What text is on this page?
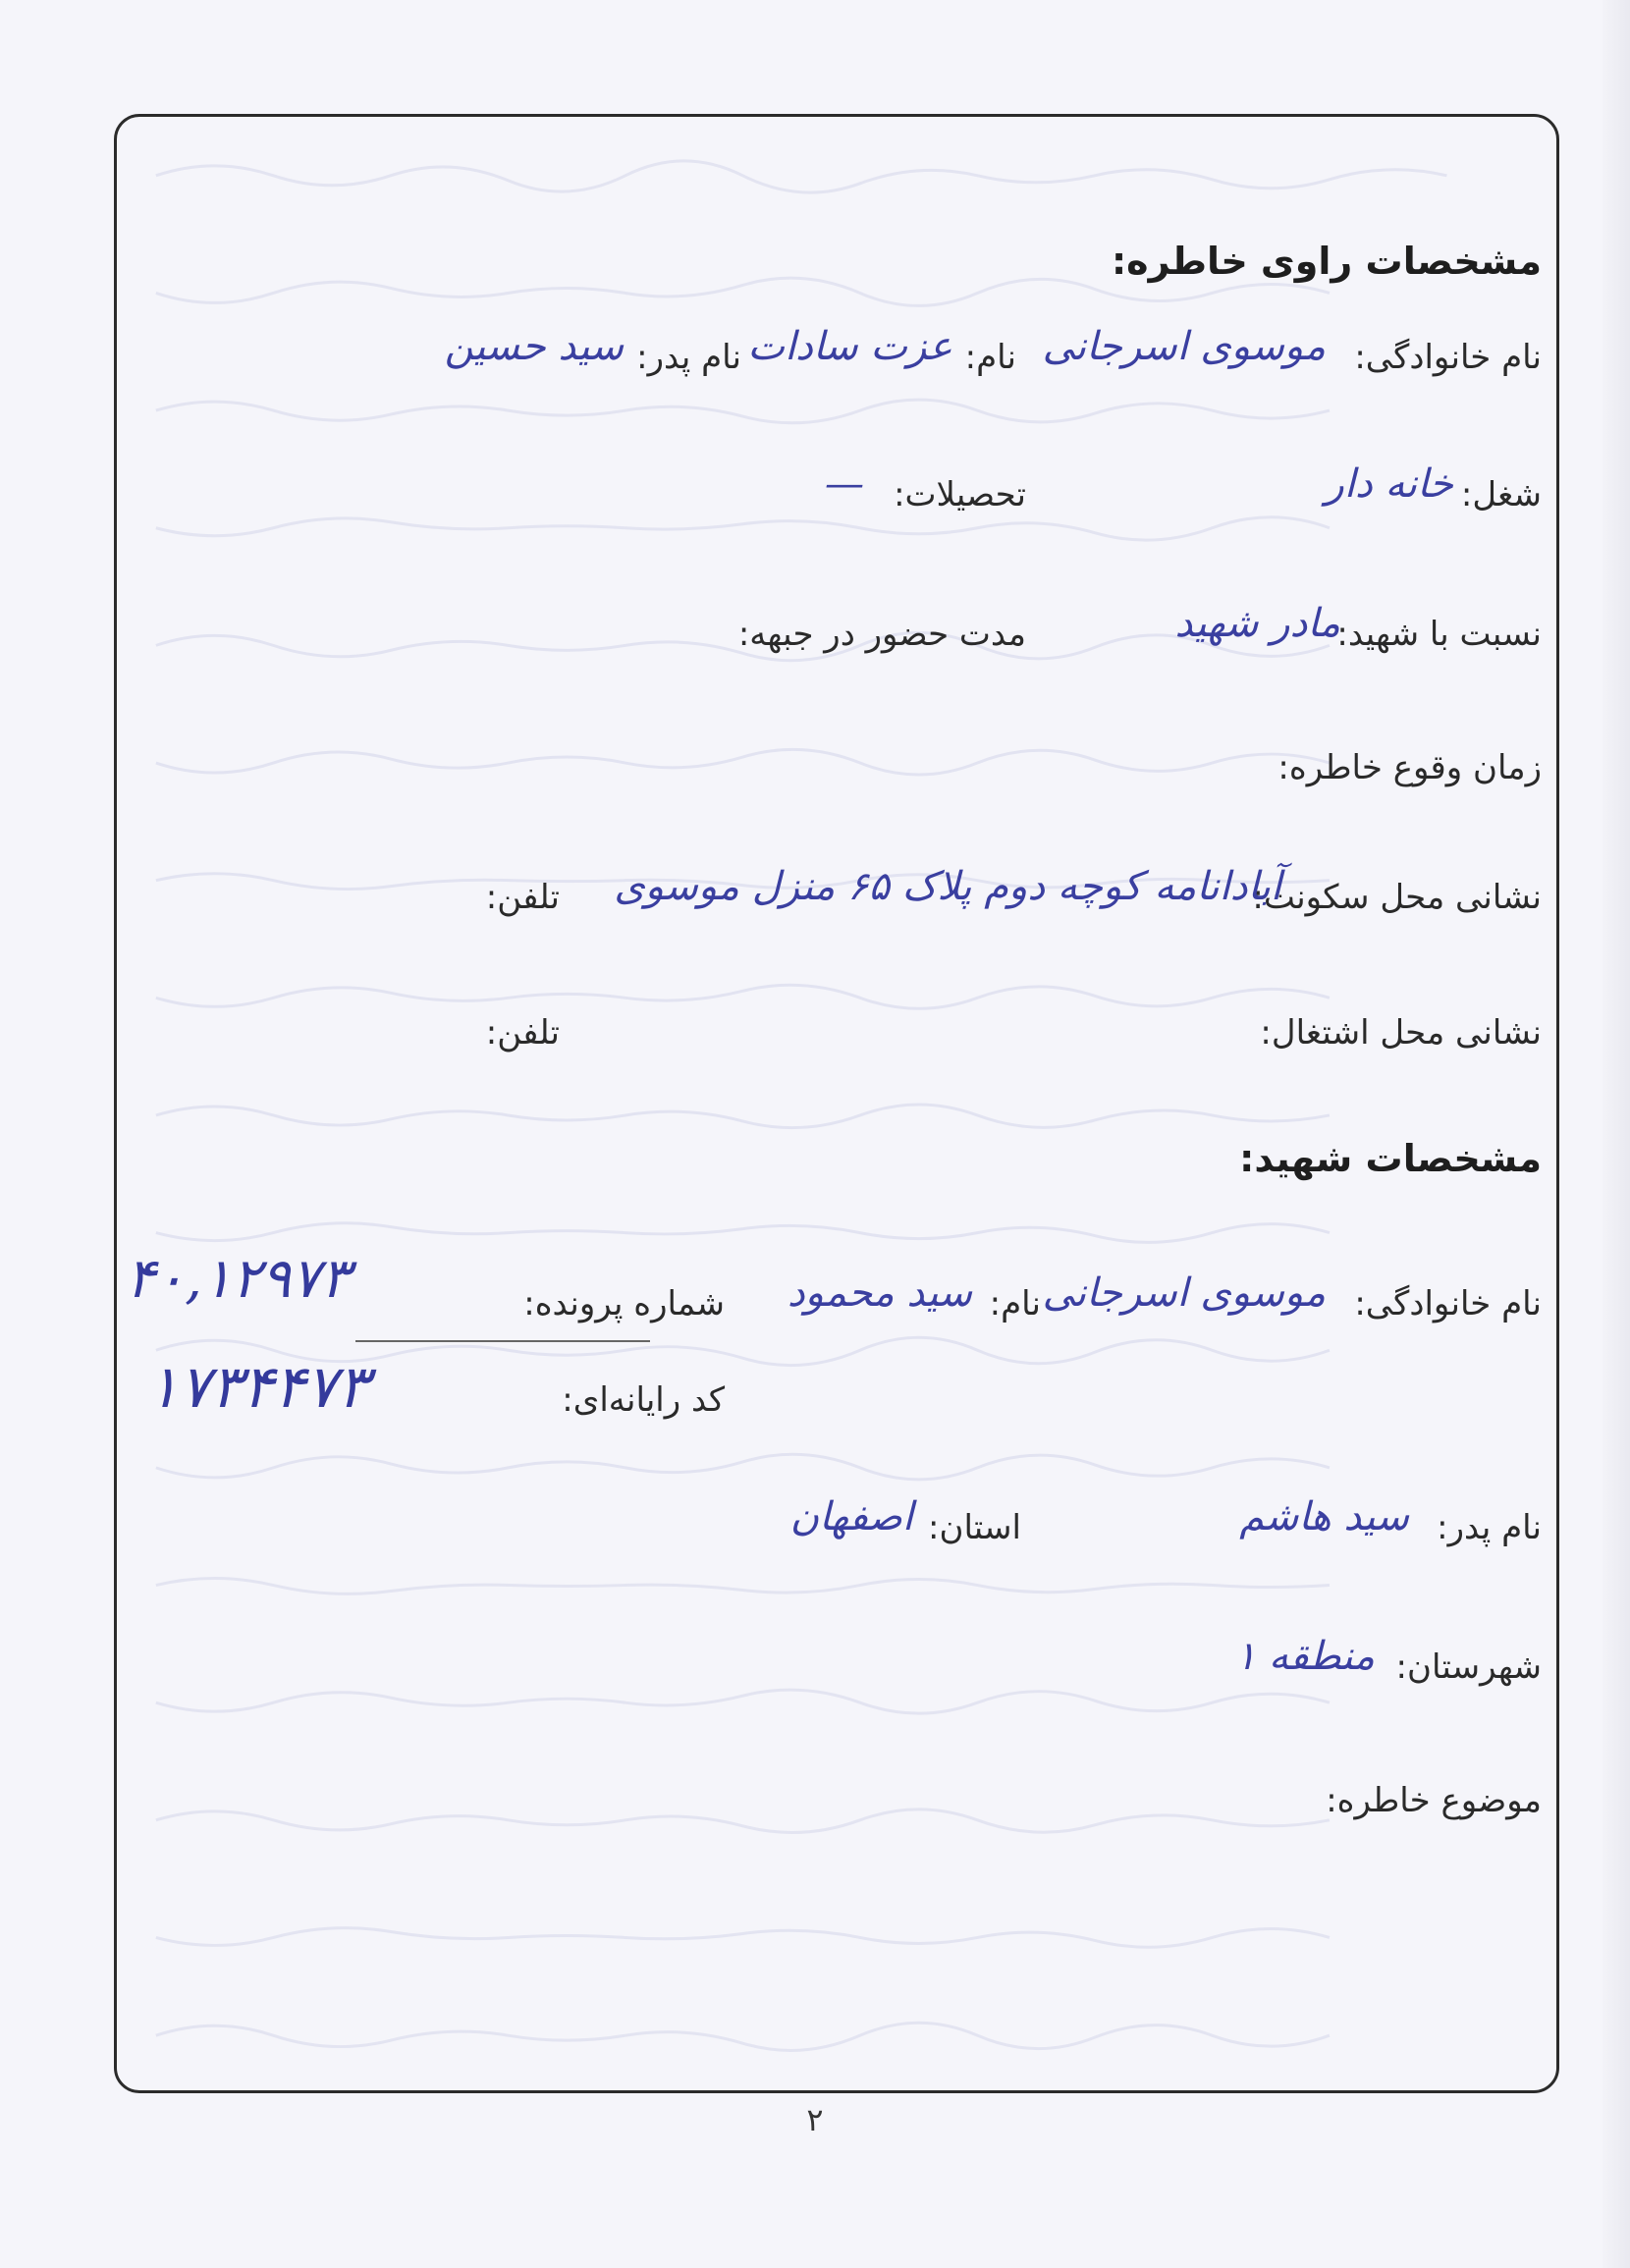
مشخصات راوی خاطره:
نام خانوادگی:
موسوی اسرجانی
نام:
عزت سادات
نام پدر:
سید حسین
شغل:
خانه دار
تحصیلات:
—
نسبت با شهید:
مادر شهید
مدت حضور در جبهه:
زمان وقوع خاطره:
نشانی محل سکونت:
آبادانامه کوچه دوم پلاک ۶۵ منزل موسوی
تلفن:
نشانی محل اشتغال:
تلفن:
مشخصات شهید:
نام خانوادگی:
موسوی اسرجانی
نام:
سید محمود
شماره پرونده:
۴۰,۱۲۹۷۳
کد رایانه‌ای:
۱۷۳۴۴۷۳
نام پدر:
سید هاشم
استان:
اصفهان
شهرستان:
منطقه ۱
موضوع خاطره:
۲
